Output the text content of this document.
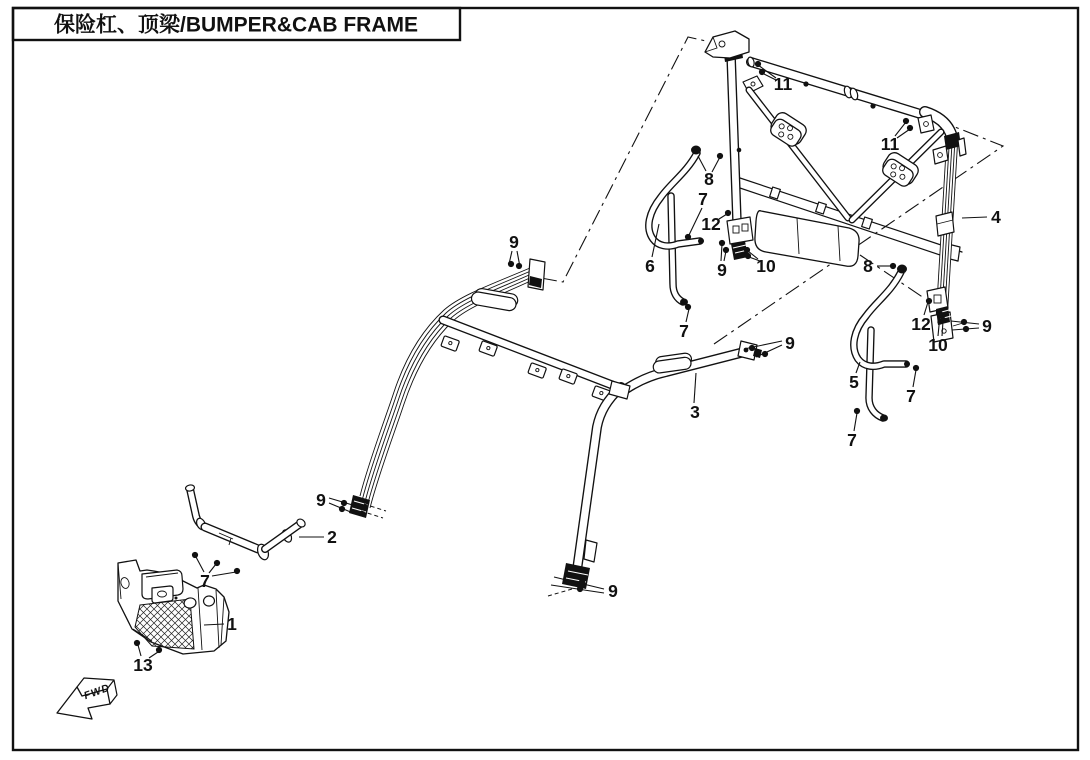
保险杠、顶梁/BUMPER&CAB FRAME
FWD
11
11
8
7
12
6	9 10
7
4
8
12
10
9
5
7
7
3
9
9
9
9
2
7
1
13
